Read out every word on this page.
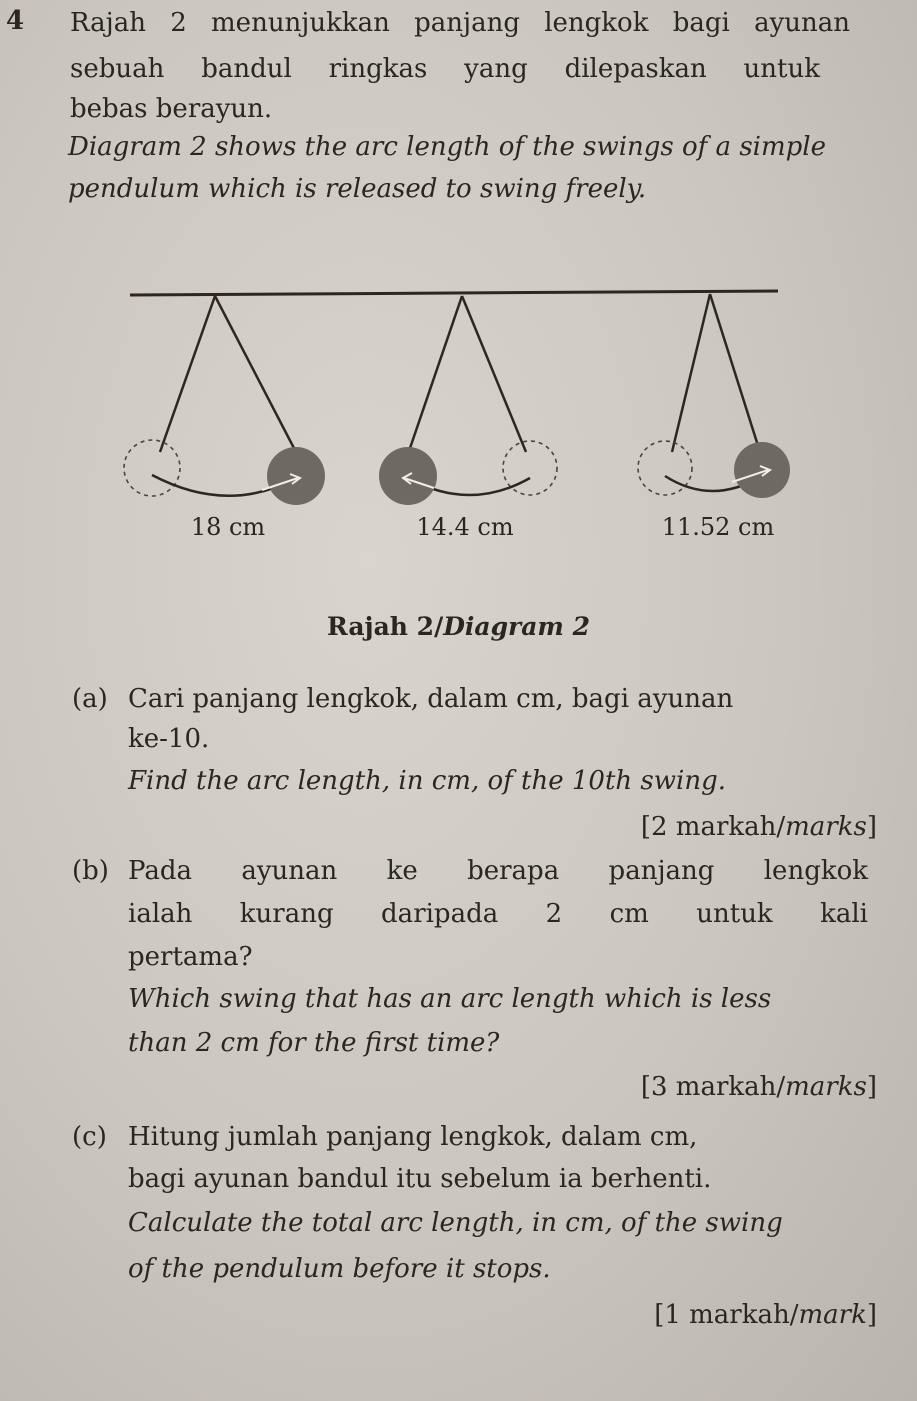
4 Rajah 2 menunjukkan panjang lengkok bagi ayunan
sebuah bandul ringkas yang dilepaskan untuk
bebas berayun.
Diagram 2 shows the arc length of the swings of a simple
pendulum which is released to swing freely.
18 cm	14.4 cm	11.52 cm
Rajah 2/Diagram 2
(a) Cari panjang lengkok, dalam cm, bagi ayunan
ke-10.
Find the arc length, in cm, of the 10th swing.
[2 markah/marks]
(b) Pada ayunan ke berapa panjang lengkok
ialah kurang daripada 2 cm untuk kali
pertama?
Which swing that has an arc length which is less
than 2 cm for the first time?
[3 markah/marks]
(c) Hitung jumlah panjang lengkok, dalam cm,
bagi ayunan bandul itu sebelum ia berhenti.
Calculate the total arc length, in cm, of the swing
of the pendulum before it stops.
[1 markah/mark]
